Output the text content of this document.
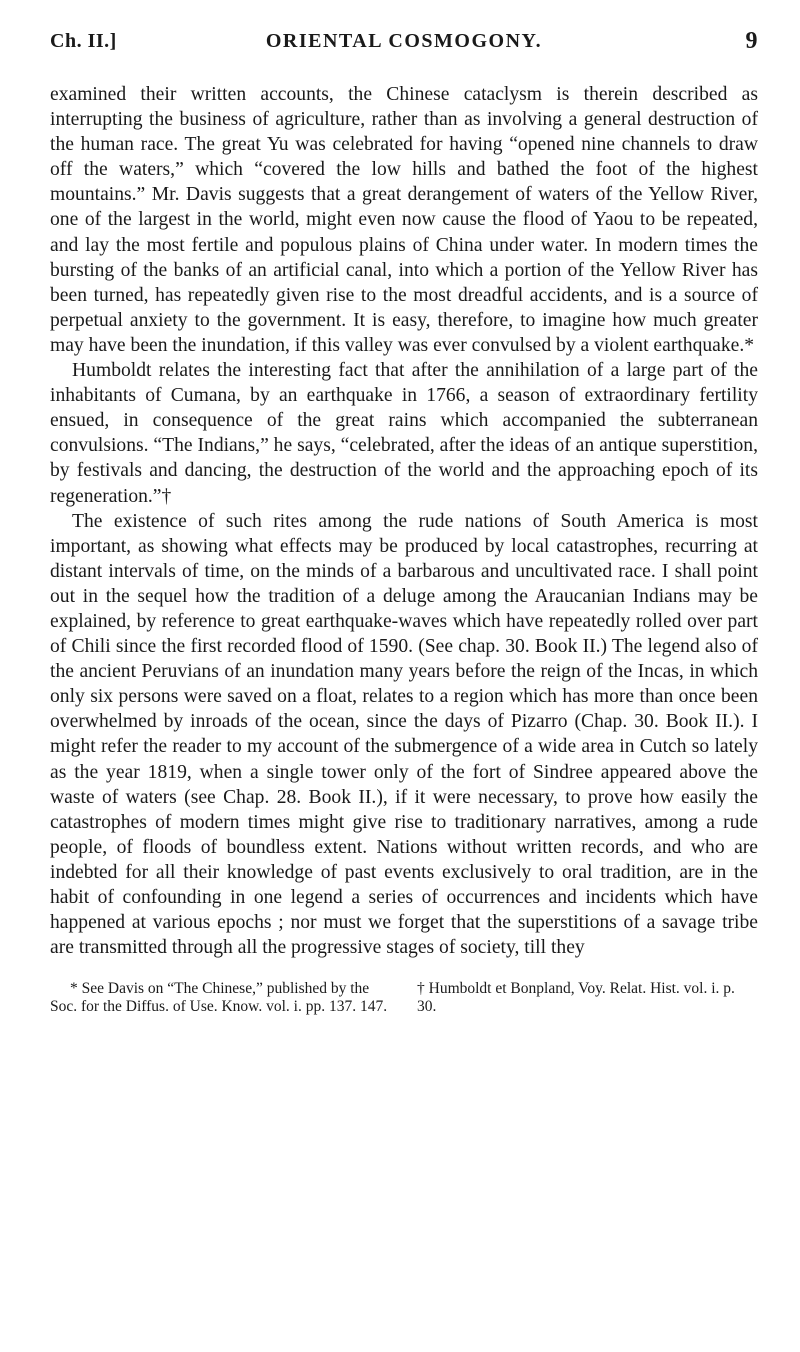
Ch. II.]	ORIENTAL COSMOGONY.	9

examined their written accounts, the Chinese cataclysm is therein described as interrupting the business of agriculture, rather than as involving a general destruction of the human race. The great Yu was celebrated for having “opened nine channels to draw off the waters,” which “covered the low hills and bathed the foot of the highest mountains.” Mr. Davis suggests that a great derangement of waters of the Yellow River, one of the largest in the world, might even now cause the flood of Yaou to be repeated, and lay the most fertile and populous plains of China under water. In modern times the bursting of the banks of an artificial canal, into which a portion of the Yellow River has been turned, has repeatedly given rise to the most dreadful accidents, and is a source of perpetual anxiety to the government. It is easy, therefore, to imagine how much greater may have been the inundation, if this valley was ever convulsed by a violent earthquake.*

Humboldt relates the interesting fact that after the annihilation of a large part of the inhabitants of Cumana, by an earthquake in 1766, a season of extraordinary fertility ensued, in consequence of the great rains which accompanied the subterranean convulsions. “The Indians,” he says, “celebrated, after the ideas of an antique superstition, by festivals and dancing, the destruction of the world and the approaching epoch of its regeneration.”†

The existence of such rites among the rude nations of South America is most important, as showing what effects may be produced by local catastrophes, recurring at distant intervals of time, on the minds of a barbarous and uncultivated race. I shall point out in the sequel how the tradition of a deluge among the Araucanian Indians may be explained, by reference to great earthquake-waves which have repeatedly rolled over part of Chili since the first recorded flood of 1590. (See chap. 30. Book II.) The legend also of the ancient Peruvians of an inundation many years before the reign of the Incas, in which only six persons were saved on a float, relates to a region which has more than once been overwhelmed by inroads of the ocean, since the days of Pizarro (Chap. 30. Book II.). I might refer the reader to my account of the submergence of a wide area in Cutch so lately as the year 1819, when a single tower only of the fort of Sindree appeared above the waste of waters (see Chap. 28. Book II.), if it were necessary, to prove how easily the catastrophes of modern times might give rise to traditionary narratives, among a rude people, of floods of boundless extent. Nations without written records, and who are indebted for all their knowledge of past events exclusively to oral tradition, are in the habit of confounding in one legend a series of occurrences and incidents which have happened at various epochs ; nor must we forget that the superstitions of a savage tribe are transmitted through all the progressive stages of society, till they

* See Davis on “The Chinese,” published by the Soc. for the Diffus. of Use. Know. vol. i. pp. 137. 147.
† Humboldt et Bonpland, Voy. Relat. Hist. vol. i. p. 30.
